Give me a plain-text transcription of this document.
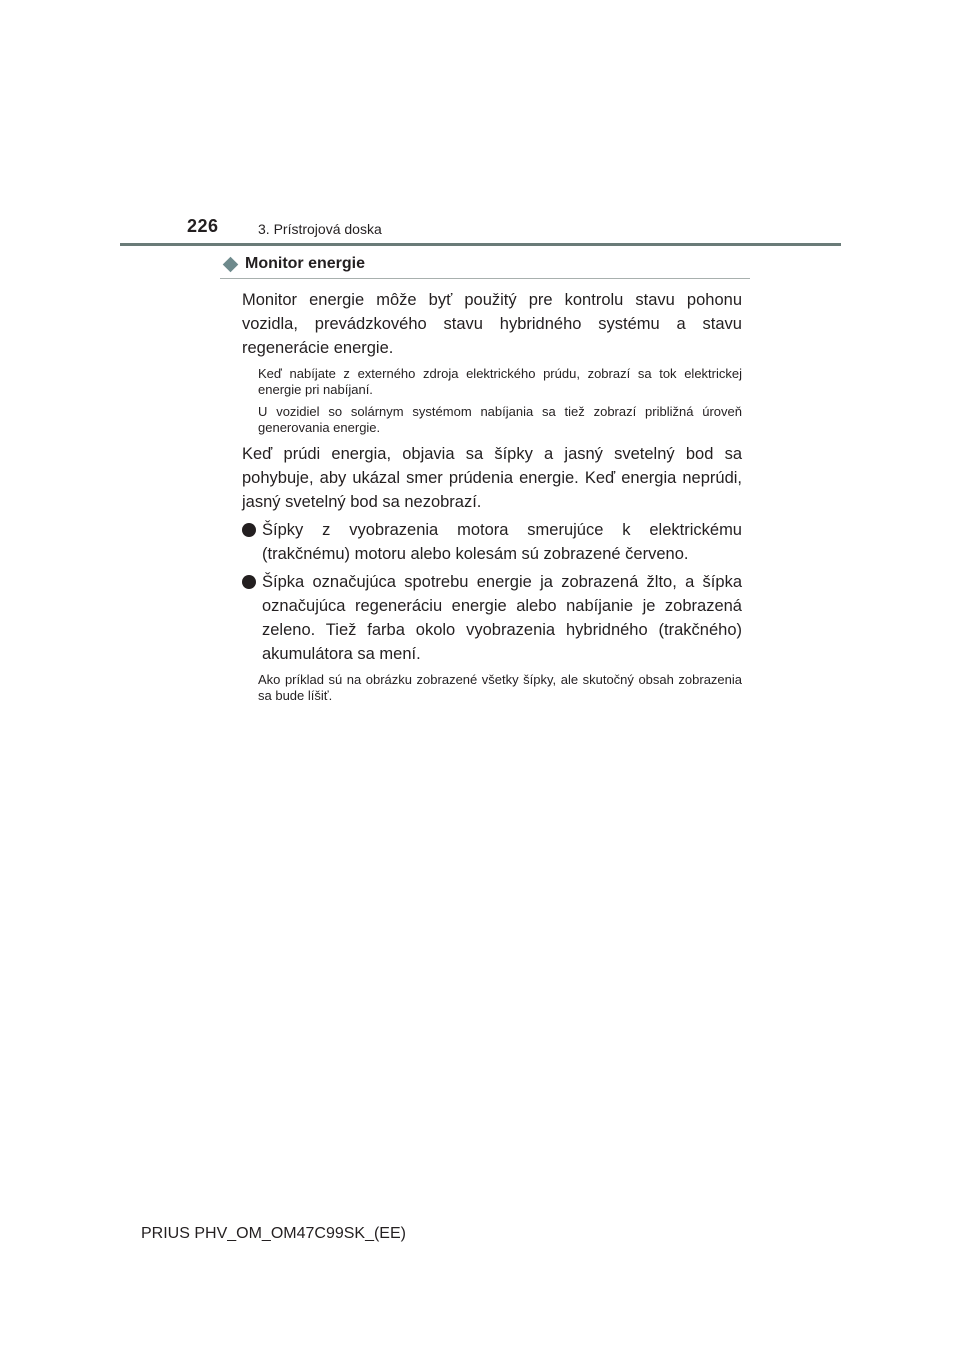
226	3. Prístrojová doska
Monitor energie

Monitor energie môže byť použitý pre kontrolu stavu pohonu vozidla, prevádzkového stavu hybridného systému a stavu regenerácie energie.

Keď nabíjate z externého zdroja elektrického prúdu, zobrazí sa tok elektrickej energie pri nabíjaní.

U vozidiel so solárnym systémom nabíjania sa tiež zobrazí približná úroveň generovania energie.

Keď prúdi energia, objavia sa šípky a jasný svetelný bod sa pohybuje, aby ukázal smer prúdenia energie. Keď energia neprúdi, jasný svetelný bod sa nezobrazí.

Šípky z vyobrazenia motora smerujúce k elektrickému (trakčnému) motoru alebo kolesám sú zobrazené červeno.
Šípka označujúca spotrebu energie ja zobrazená žlto, a šípka označujúca regeneráciu energie alebo nabíjanie je zobrazená zeleno. Tiež farba okolo vyobrazenia hybridného (trakčného) akumulátora sa mení.

Ako príklad sú na obrázku zobrazené všetky šípky, ale skutočný obsah zobrazenia sa bude líšiť.

PRIUS PHV_OM_OM47C99SK_(EE)
